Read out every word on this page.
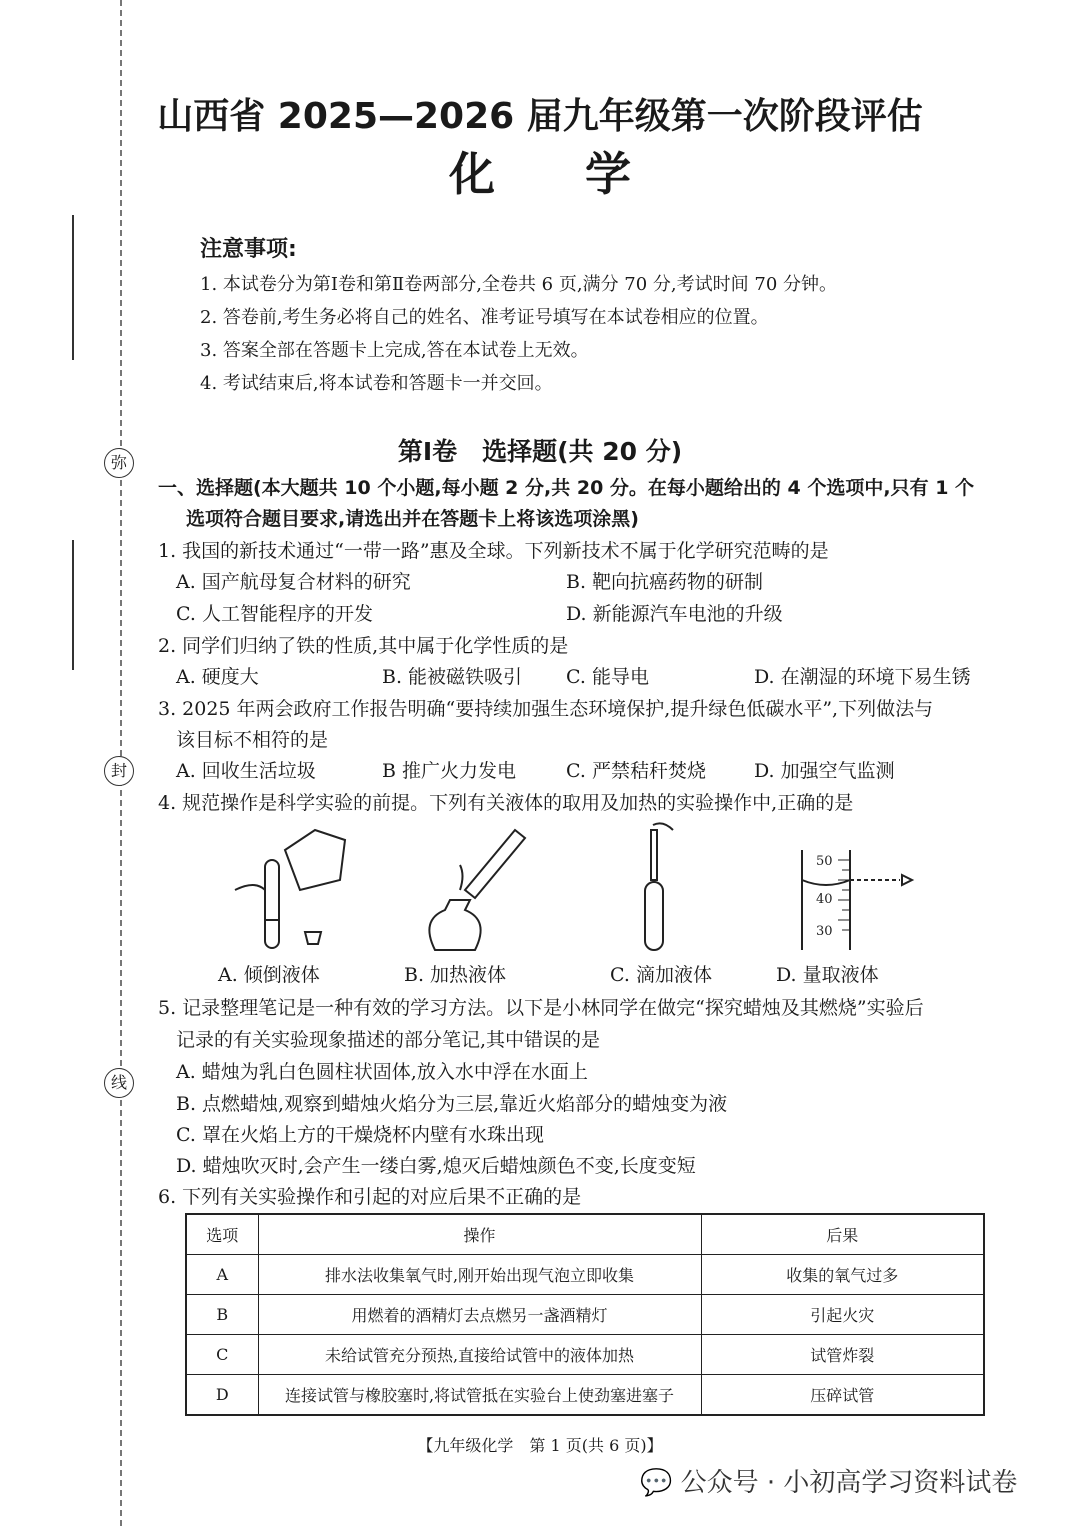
弥
封
线
山西省 2025—2026 届九年级第一次阶段评估
化学
注意事项:
1. 本试卷分为第Ⅰ卷和第Ⅱ卷两部分,全卷共 6 页,满分 70 分,考试时间 70 分钟。
2. 答卷前,考生务必将自己的姓名、准考证号填写在本试卷相应的位置。
3. 答案全部在答题卡上完成,答在本试卷上无效。
4. 考试结束后,将本试卷和答题卡一并交回。
第Ⅰ卷　选择题(共 20 分)
一、选择题(本大题共 10 个小题,每小题 2 分,共 20 分。在每小题给出的 4 个选项中,只有 1 个
选项符合题目要求,请选出并在答题卡上将该选项涂黑)
1. 我国的新技术通过“一带一路”惠及全球。下列新技术不属于化学研究范畴的是
A. 国产航母复合材料的研究	B. 靶向抗癌药物的研制
C. 人工智能程序的开发	D. 新能源汽车电池的升级
2. 同学们归纳了铁的性质,其中属于化学性质的是
A. 硬度大	B. 能被磁铁吸引 C. 能导电	D. 在潮湿的环境下易生锈
3. 2025 年两会政府工作报告明确“要持续加强生态环境保护,提升绿色低碳水平”,下列做法与
该目标不相符的是
A. 回收生活垃圾	B 推广火力发电	C. 严禁秸秆焚烧	D. 加强空气监测
4. 规范操作是科学实验的前提。下列有关液体的取用及加热的实验操作中,正确的是
50
40
30
A. 倾倒液体	B. 加热液体	C. 滴加液体	D. 量取液体
5. 记录整理笔记是一种有效的学习方法。以下是小林同学在做完“探究蜡烛及其燃烧”实验后
记录的有关实验现象描述的部分笔记,其中错误的是
A. 蜡烛为乳白色圆柱状固体,放入水中浮在水面上
B. 点燃蜡烛,观察到蜡烛火焰分为三层,靠近火焰部分的蜡烛变为液
C. 罩在火焰上方的干燥烧杯内壁有水珠出现
D. 蜡烛吹灭时,会产生一缕白雾,熄灭后蜡烛颜色不变,长度变短
6. 下列有关实验操作和引起的对应后果不正确的是
选项	操作	后果
A	排水法收集氧气时,刚开始出现气泡立即收集	收集的氧气过多
B	用燃着的酒精灯去点燃另一盏酒精灯	引起火灾
C	未给试管充分预热,直接给试管中的液体加热	试管炸裂
D	连接试管与橡胶塞时,将试管抵在实验台上使劲塞进塞子	压碎试管
【九年级化学　第 1 页(共 6 页)】
💬 公众号 · 小初高学习资料试卷
